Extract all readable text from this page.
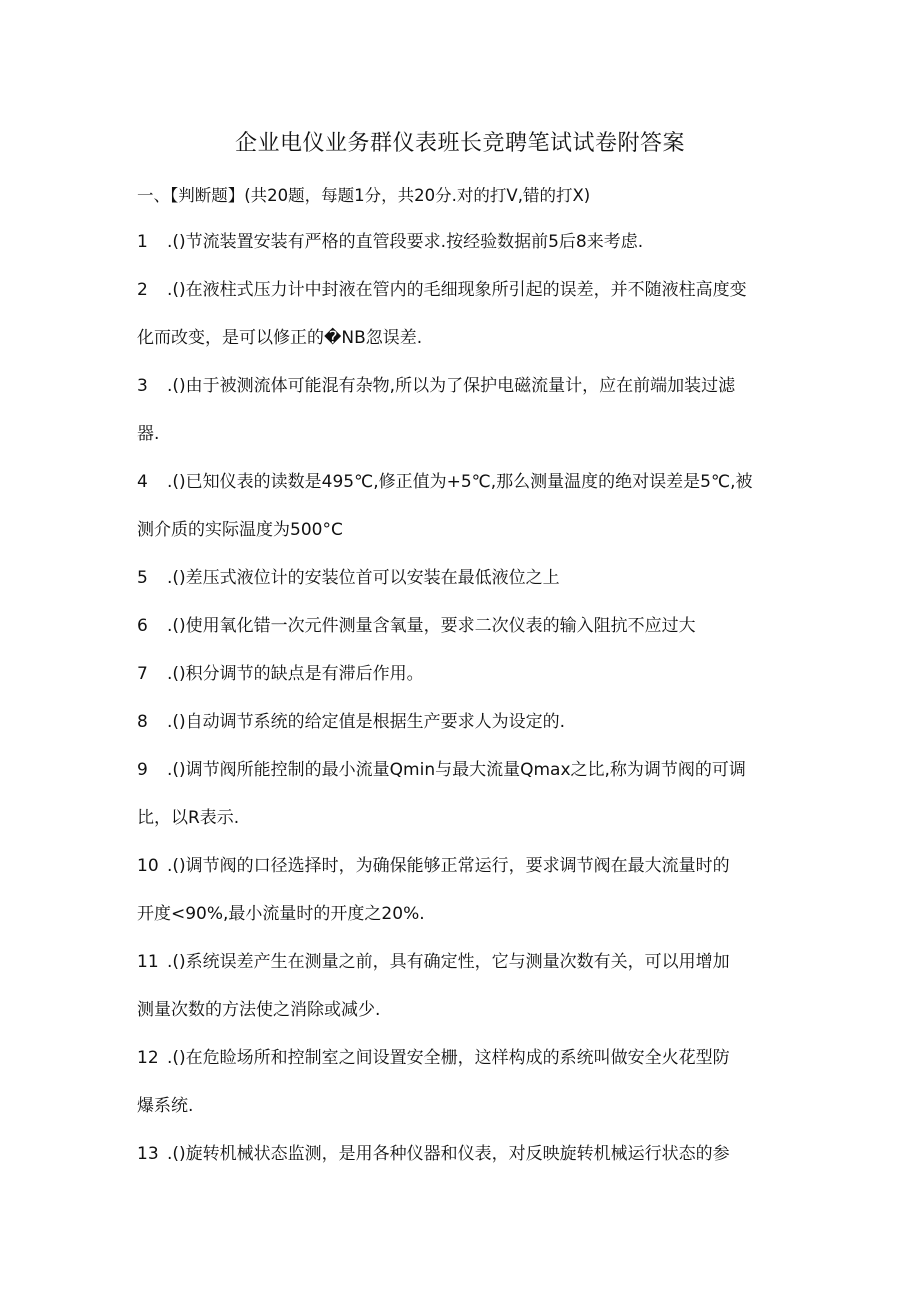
企业电仪业务群仪表班长竞聘笔试试卷附答案
一、【判断题】(共20题，每题1分，共20分.对的打V,错的打X)
1 .()节流装置安装有严格的直管段要求.按经验数据前5后8来考虑.
2 .()在液柱式压力计中封液在管内的毛细现象所引起的误差，并不随液柱高度变
化而改变，是可以修正的�NB忽误差.
3 .()由于被测流体可能混有杂物,所以为了保护电磁流量计，应在前端加装过滤
器.
4 .()已知仪表的读数是495℃,修正值为+5℃,那么测量温度的绝对误差是5℃,被
测介质的实际温度为500°C
5 .()差压式液位计的安装位首可以安装在最低液位之上
6 .()使用氧化错一次元件测量含氧量，要求二次仪表的输入阻抗不应过大
7 .()积分调节的缺点是有滞后作用。
8 .()自动调节系统的给定值是根据生产要求人为设定的.
9 .()调节阀所能控制的最小流量Qmin与最大流量Qmax之比,称为调节阀的可调
比，以R表示.
10 .()调节阀的口径选择时，为确保能够正常运行，要求调节阀在最大流量时的
开度<90%,最小流量时的开度之20%.
11 .()系统误差产生在测量之前，具有确定性，它与测量次数有关，可以用增加
测量次数的方法使之消除或减少.
12 .()在危睑场所和控制室之间设置安全栅，这样构成的系统叫做安全火花型防
爆系统.
13 .()旋转机械状态监测，是用各种仪器和仪表，对反映旋转机械运行状态的参
